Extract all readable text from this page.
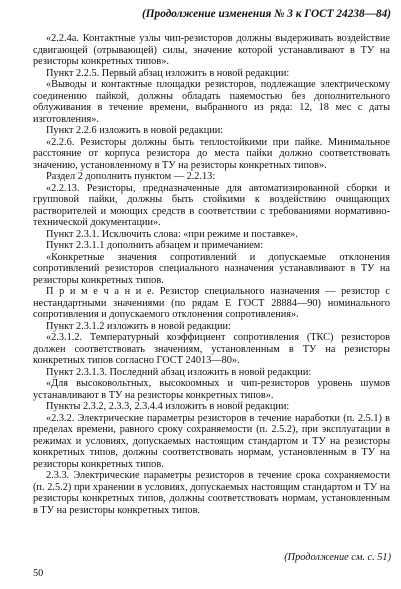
(Продолжение изменения № 3 к ГОСТ 24238—84)

«2.2.4а. Контактные узлы чип-резисторов должны выдерживать воздействие сдвигающей (отрывающей) силы, значение которой устанавливают в ТУ на резисторы конкретных типов».

Пункт 2.2.5. Первый абзац изложить в новой редакции:

«Выводы и контактные площадки резисторов, подлежащие электрическому соединению пайкой, должны обладать паяемостью без дополнительного облуживания в течение времени, выбранного из ряда: 12, 18 мес с даты изготовления».

Пункт 2.2.6 изложить в новой редакции:

«2.2.6. Резисторы должны быть теплостойкими при пайке. Минимальное расстояние от корпуса резистора до места пайки должно соответствовать значению, установленному в ТУ на резисторы конкретных типов».

Раздел 2 дополнить пунктом — 2.2.13:

«2.2.13. Резисторы, предназначенные для автоматизированной сборки и групповой пайки, должны быть стойкими к воздействию очищающих растворителей и моющих средств в соответствии с требованиями нормативно-технической документации».

Пункт 2.3.1. Исключить слова: «при режиме и поставке».

Пункт 2.3.1.1 дополнить абзацем и примечанием:

«Конкретные значения сопротивлений и допускаемые отклонения сопротивлений резисторов специального назначения устанавливают в ТУ на резисторы конкретных типов.

П р и м е ч а н и е. Резистор специального назначения — резистор с нестандартными значениями (по рядам Е ГОСТ 28884—90) номинального сопротивления и допускаемого отклонения сопротивления».

Пункт 2.3.1.2 изложить в новой редакции:

«2.3.1.2. Температурный коэффициент сопротивления (ТКС) резисторов должен соответствовать значениям, установленным в ТУ на резисторы конкретных типов согласно ГОСТ 24013—80».

Пункт 2.3.1.3. Последний абзац изложить в новой редакции:

«Для высоковольтных, высокоомных и чип-резисторов уровень шумов устанавливают в ТУ на резисторы конкретных типов».

Пункты 2.3.2, 2.3.3, 2.3.4.4 изложить в новой редакции:

«2.3.2. Электрические параметры резисторов в течение наработки (п. 2.5.1) в пределах времени, равного сроку сохраняемости (п. 2.5.2), при эксплуатации в режимах и условиях, допускаемых настоящим стандартом и ТУ на резисторы конкретных типов, должны соответствовать нормам, установленным в ТУ на резисторы конкретных типов.

2.3.3. Электрические параметры резисторов в течение срока сохраняемости (п. 2.5.2) при хранении в условиях, допускаемых настоящим стандартом и ТУ на резисторы конкретных типов, должны соответствовать нормам, установленным в ТУ на резисторы конкретных типов.

(Продолжение см. с. 51)
50
